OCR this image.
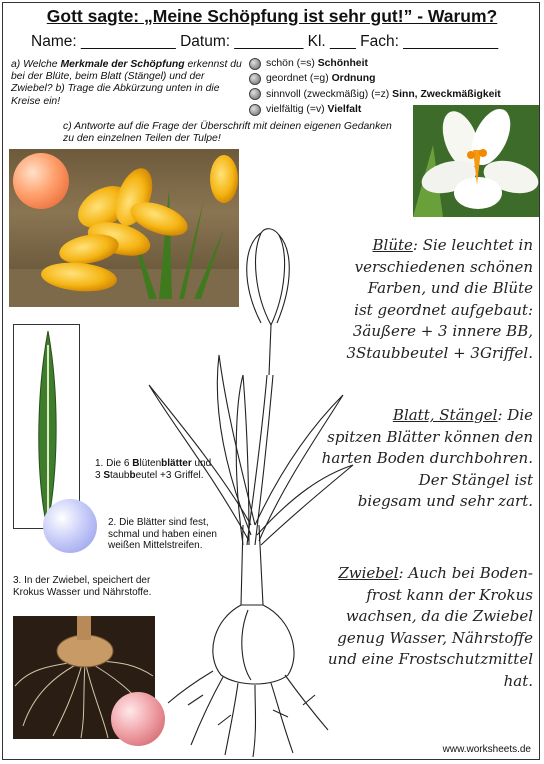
Gott sagte: „Meine Schöpfung ist sehr gut!” - Warum?
Name: ___________ Datum: ________ Kl. ___ Fach: ___________
a) Welche Merkmale der Schöpfung erkennst du bei der Blüte, beim Blatt (Stängel) und der Zwiebel? b) Trage die Abkürzung unten in die Kreise ein!
schön (=s)
Schönheit
geordnet (=g)
Ordnung
sinnvoll (zweckmäßig) (=z)
Sinn, Zweckmäßigkeit
vielfältig (=v)
Vielfalt
c) Antworte auf die Frage der Überschrift mit deinen eigenen Gedanken zu den einzelnen Teilen der Tulpe!
Blüte: Sie leuchtet in
verschiedenen schönen
Farben, und die Blüte
ist geordnet aufgebaut:
3äußere + 3 innere BB,
3Staubbeutel + 3Griffel.
Blatt, Stängel: Die
spitzen Blätter können den
harten Boden durchbohren.
Der Stängel ist
biegsam und sehr zart.
Zwiebel: Auch bei Boden-
frost kann der Krokus
wachsen, da die Zwiebel
genug Wasser, Nährstoffe
und eine Frostschutzmittel
hat.
1. Die 6 Blütenblätter und 3 Staubbeutel +3 Griffel.
2. Die Blätter sind fest, schmal und haben einen weißen Mittelstreifen.
3. In der Zwiebel, speichert der Krokus Wasser und Nährstoffe.
www.worksheets.de
